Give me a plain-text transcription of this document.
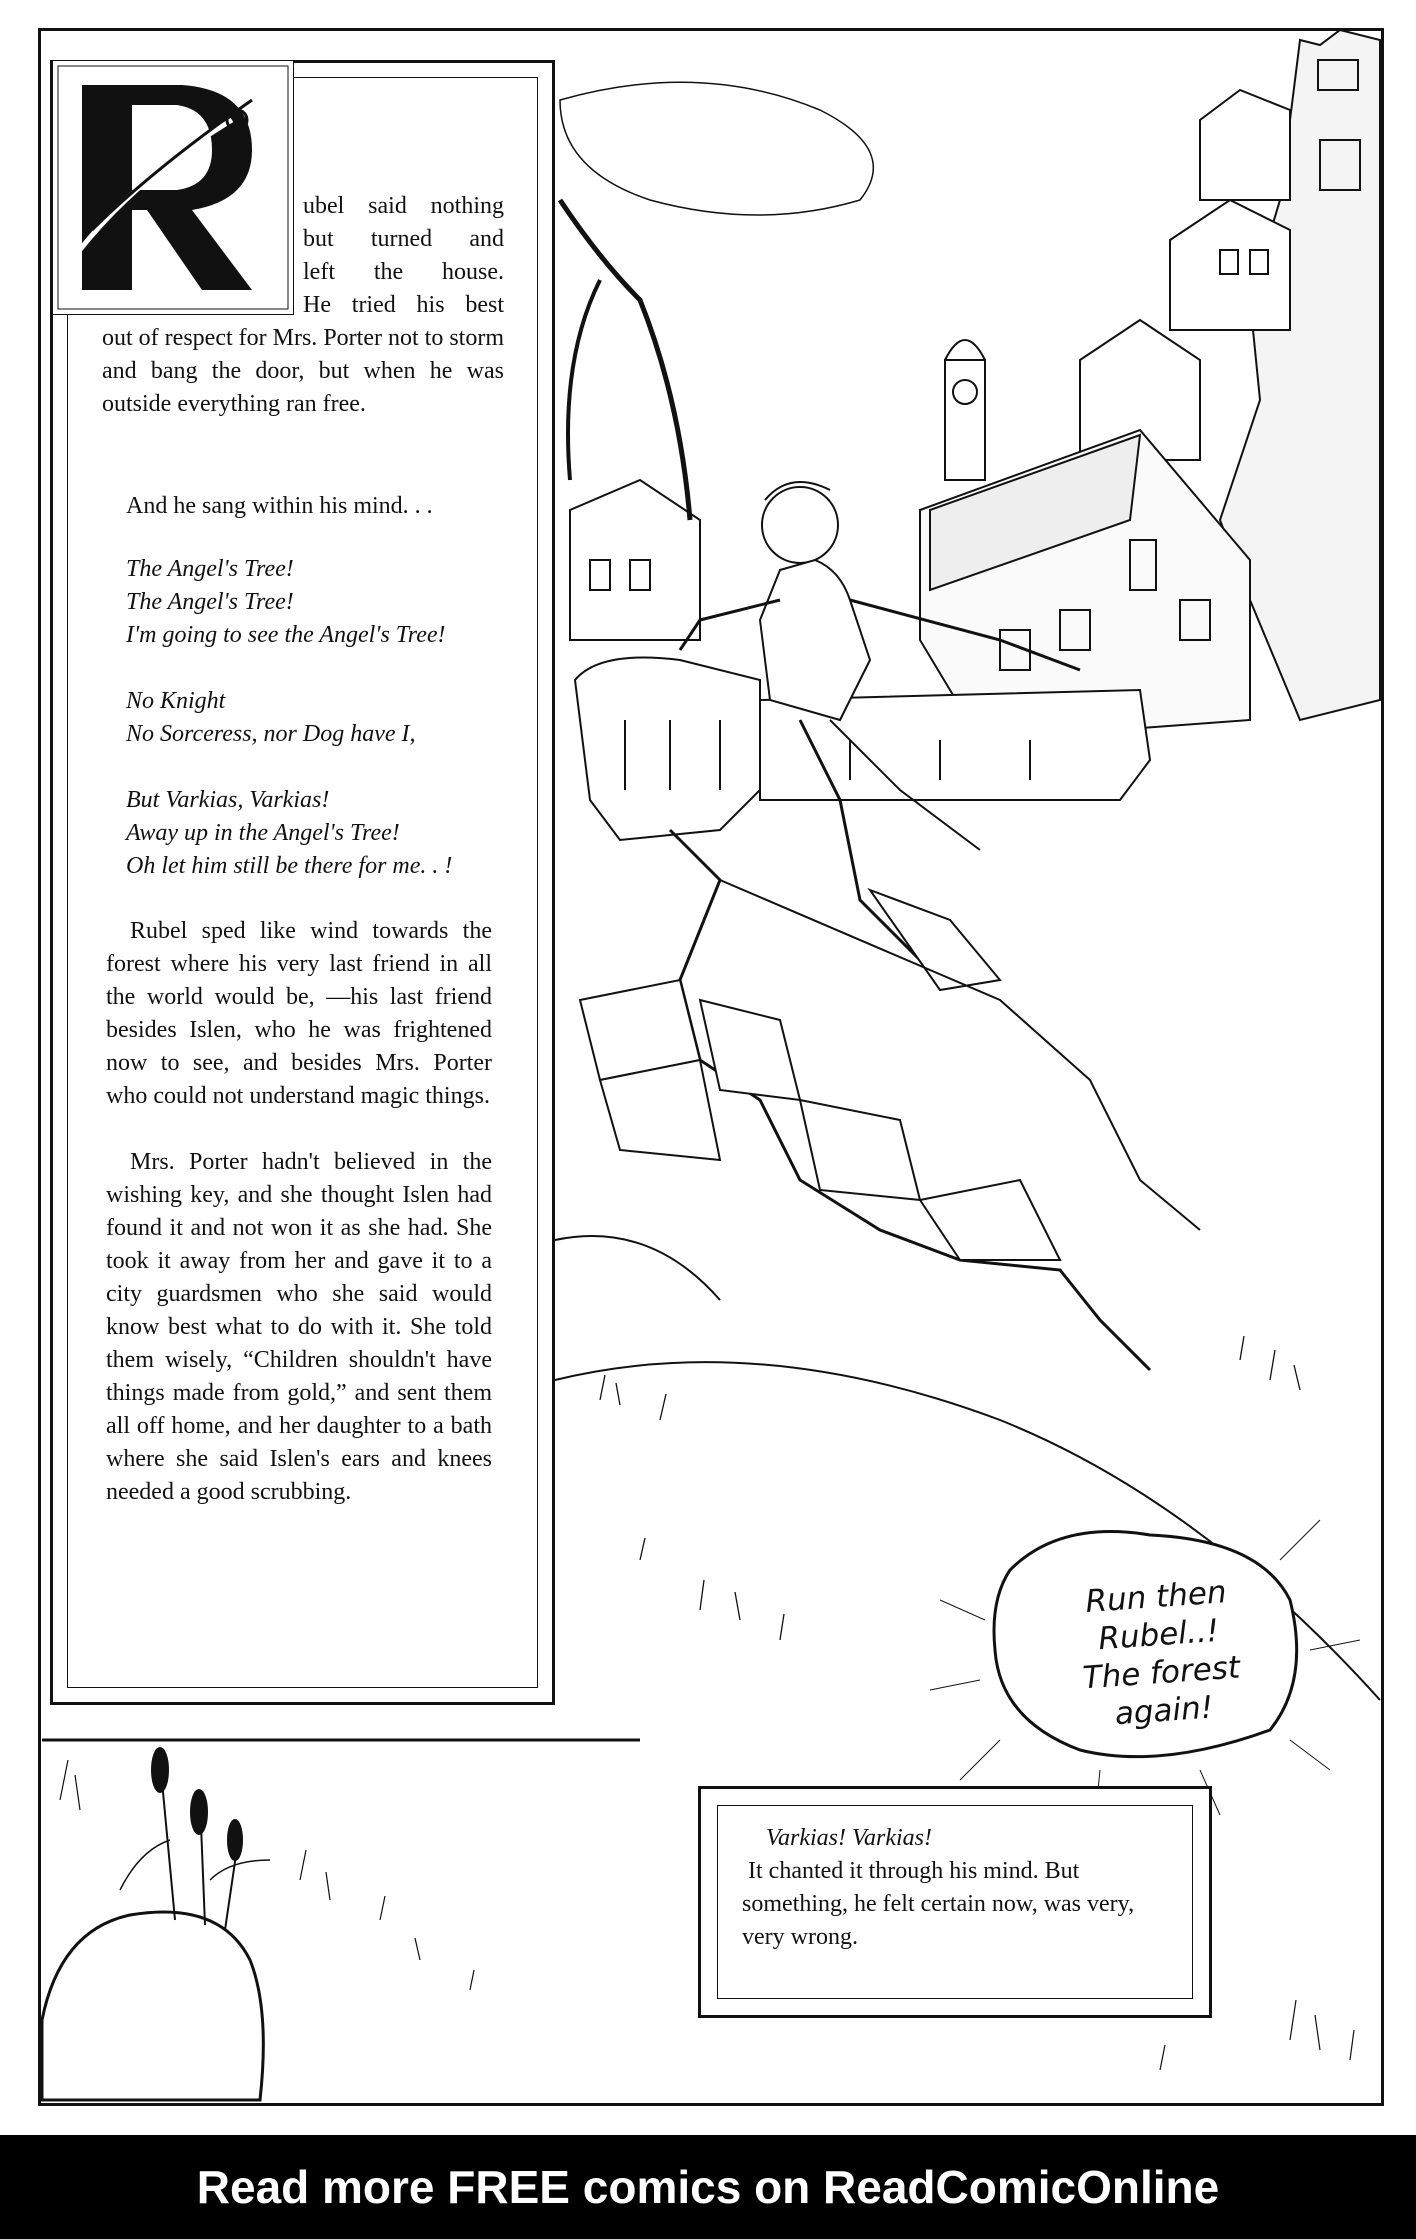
ubel said nothing
but turned and
left the house.
He tried his best

out of respect for Mrs. Porter not to storm and bang the door, but when he was outside everything ran free.

And he sang within his mind. . .

The Angel's Tree!
The Angel's Tree!
I'm going to see the Angel's Tree!
No Knight
No Sorceress, nor Dog have I,
But Varkias, Varkias!
Away up in the Angel's Tree!
Oh let him still be there for me. . !

Rubel sped like wind towards the forest where his very last friend in all the world would be, —his last friend besides Islen, who he was frightened now to see, and besides Mrs. Porter who could not understand magic things.

Mrs. Porter hadn't believed in the wishing key, and she thought Islen had found it and not won it as she had. She took it away from her and gave it to a city guardsmen who she said would know best what to do with it. She told them wisely, “Children shouldn't have things made from gold,” and sent them all off home, and her daughter to a bath where she said Islen's ears and knees needed a good scrubbing.

Run then
Rubel..!
The forest
again!

Varkias! Varkias!

It chanted it through his mind. But something, he felt certain now, was very, very wrong.

Read more FREE comics on ReadComicOnline
